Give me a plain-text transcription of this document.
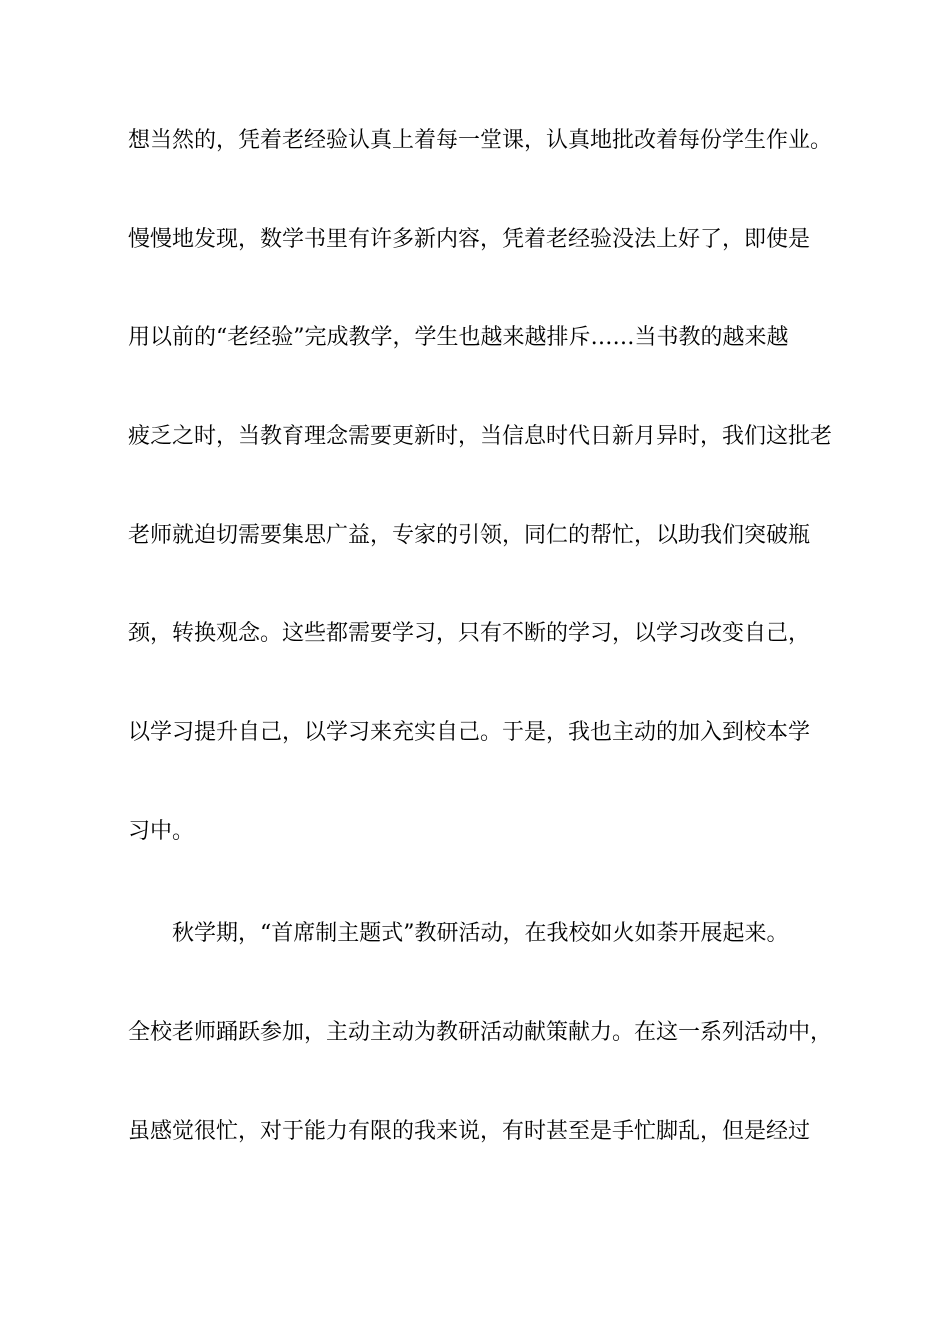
想当然的，凭着老经验认真上着每一堂课，认真地批改着每份学生作业。
慢慢地发现，数学书里有许多新内容，凭着老经验没法上好了，即使是
用以前的“老经验”完成教学，学生也越来越排斥……当书教的越来越
疲乏之时，当教育理念需要更新时，当信息时代日新月异时，我们这批老
老师就迫切需要集思广益，专家的引领，同仁的帮忙，以助我们突破瓶
颈，转换观念。这些都需要学习，只有不断的学习，以学习改变自己，
以学习提升自己，以学习来充实自己。于是，我也主动的加入到校本学
习中。
秋学期，“首席制主题式”教研活动，在我校如火如荼开展起来。
全校老师踊跃参加，主动主动为教研活动献策献力。在这一系列活动中，
虽感觉很忙，对于能力有限的我来说，有时甚至是手忙脚乱，但是经过
